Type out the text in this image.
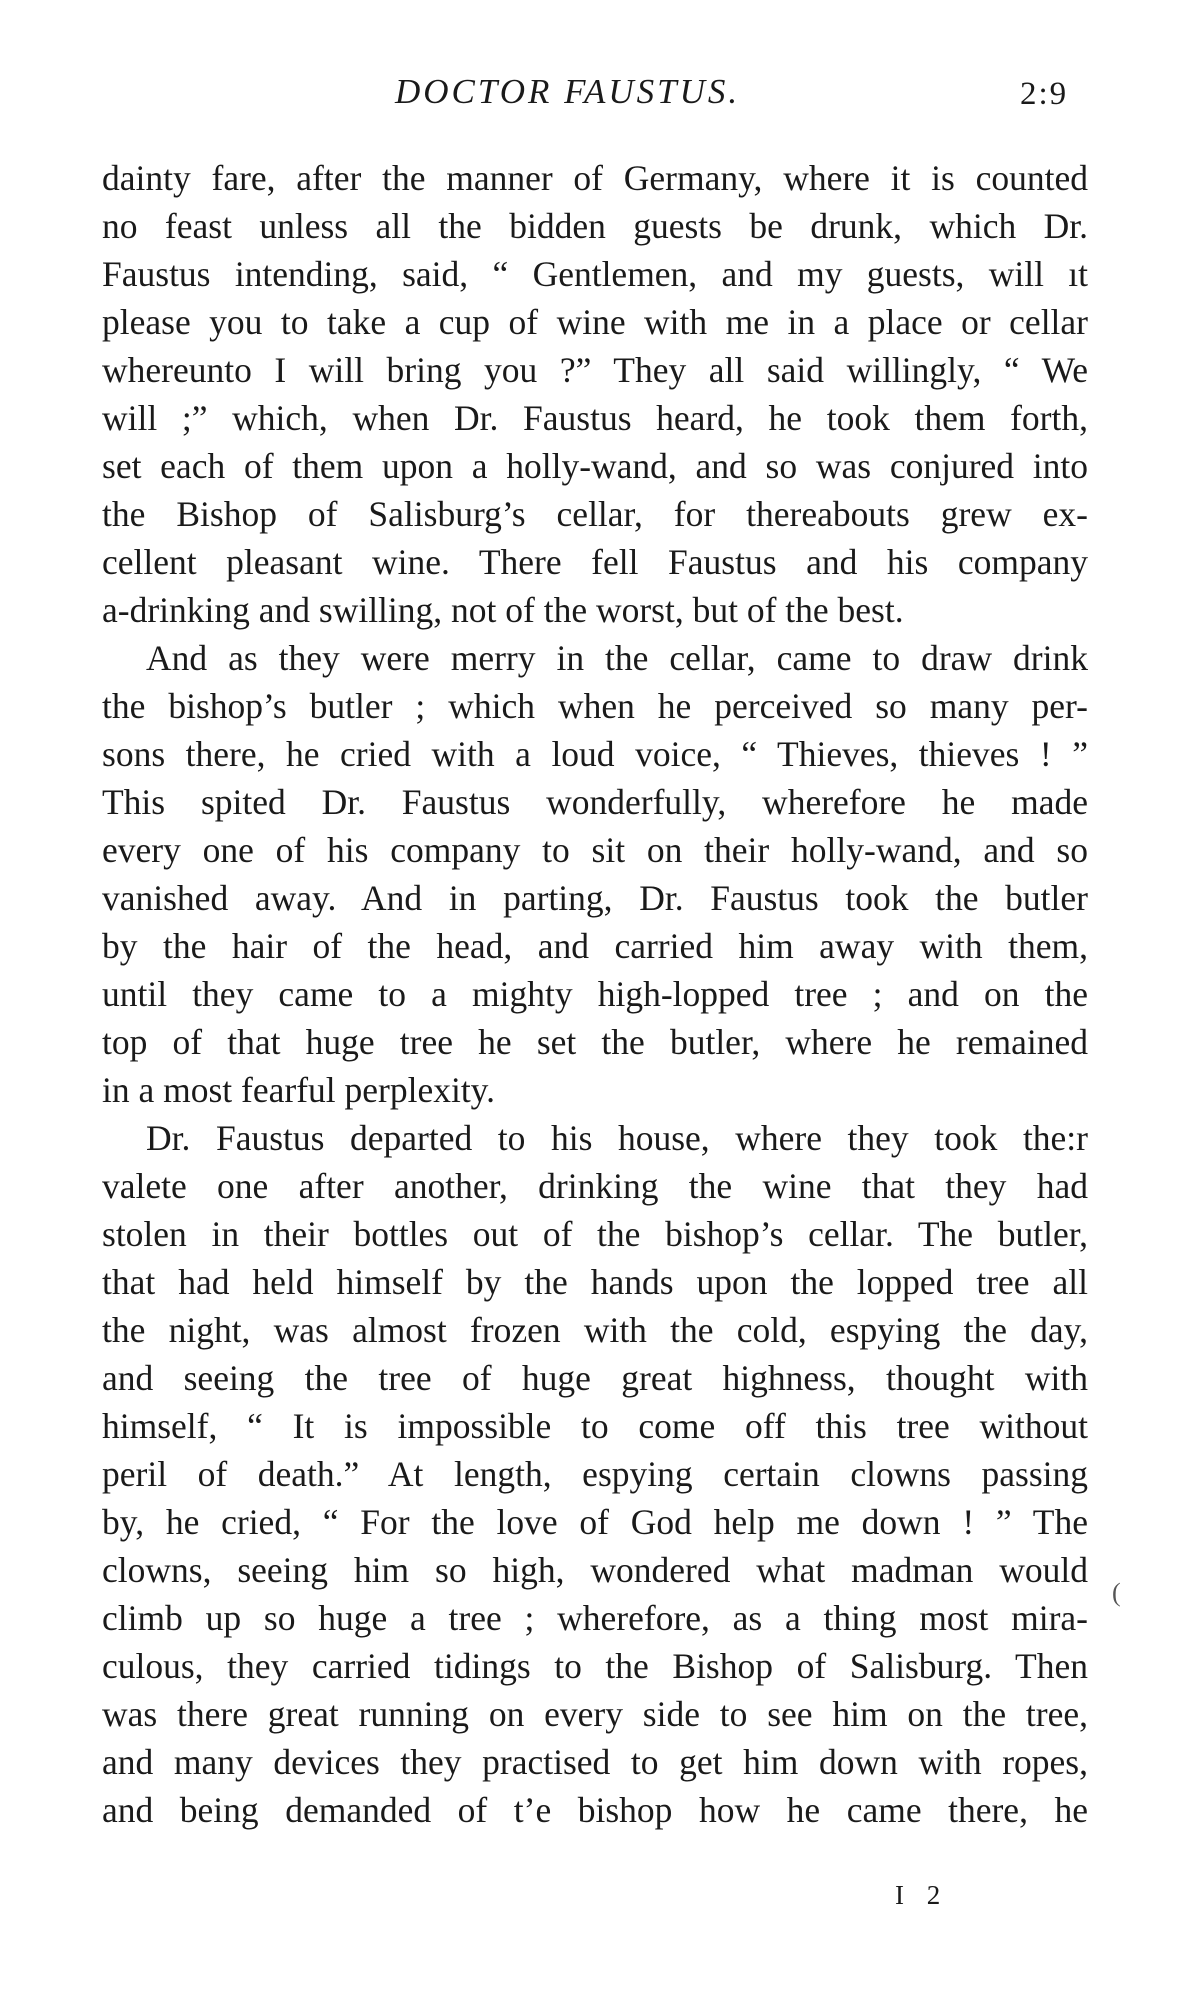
DOCTOR FAUSTUS.	2:9
dainty fare, after the manner of Germany, where it is counted
no feast unless all the bidden guests be drunk, which Dr.
Faustus intending, said, “ Gentlemen, and my guests, will ıt
please you to take a cup of wine with me in a place or cellar
whereunto I will bring you ?” They all said willingly, “ We
will ;” which, when Dr. Faustus heard, he took them forth,
set each of them upon a holly-wand, and so was conjured into
the Bishop of Salisburg’s cellar, for thereabouts grew ex-
cellent pleasant wine. There fell Faustus and his company
a-drinking and swilling, not of the worst, but of the best.
And as they were merry in the cellar, came to draw drink
the bishop’s butler ; which when he perceived so many per-
sons there, he cried with a loud voice, “ Thieves, thieves ! ”
This spited Dr. Faustus wonderfully, wherefore he made
every one of his company to sit on their holly-wand, and so
vanished away. And in parting, Dr. Faustus took the butler
by the hair of the head, and carried him away with them,
until they came to a mighty high-lopped tree ; and on the
top of that huge tree he set the butler, where he remained
in a most fearful perplexity.
Dr. Faustus departed to his house, where they took the:r
valete one after another, drinking the wine that they had
stolen in their bottles out of the bishop’s cellar. The butler,
that had held himself by the hands upon the lopped tree all
the night, was almost frozen with the cold, espying the day,
and seeing the tree of huge great highness, thought with
himself, “ It is impossible to come off this tree without
peril of death.” At length, espying certain clowns passing
by, he cried, “ For the love of God help me down ! ” The
clowns, seeing him so high, wondered what madman would
climb up so huge a tree ; wherefore, as a thing most mira-
culous, they carried tidings to the Bishop of Salisburg. Then
was there great running on every side to see him on the tree,
and many devices they practised to get him down with ropes,
and being demanded of t’e bishop how he came there, he
(
I 2
